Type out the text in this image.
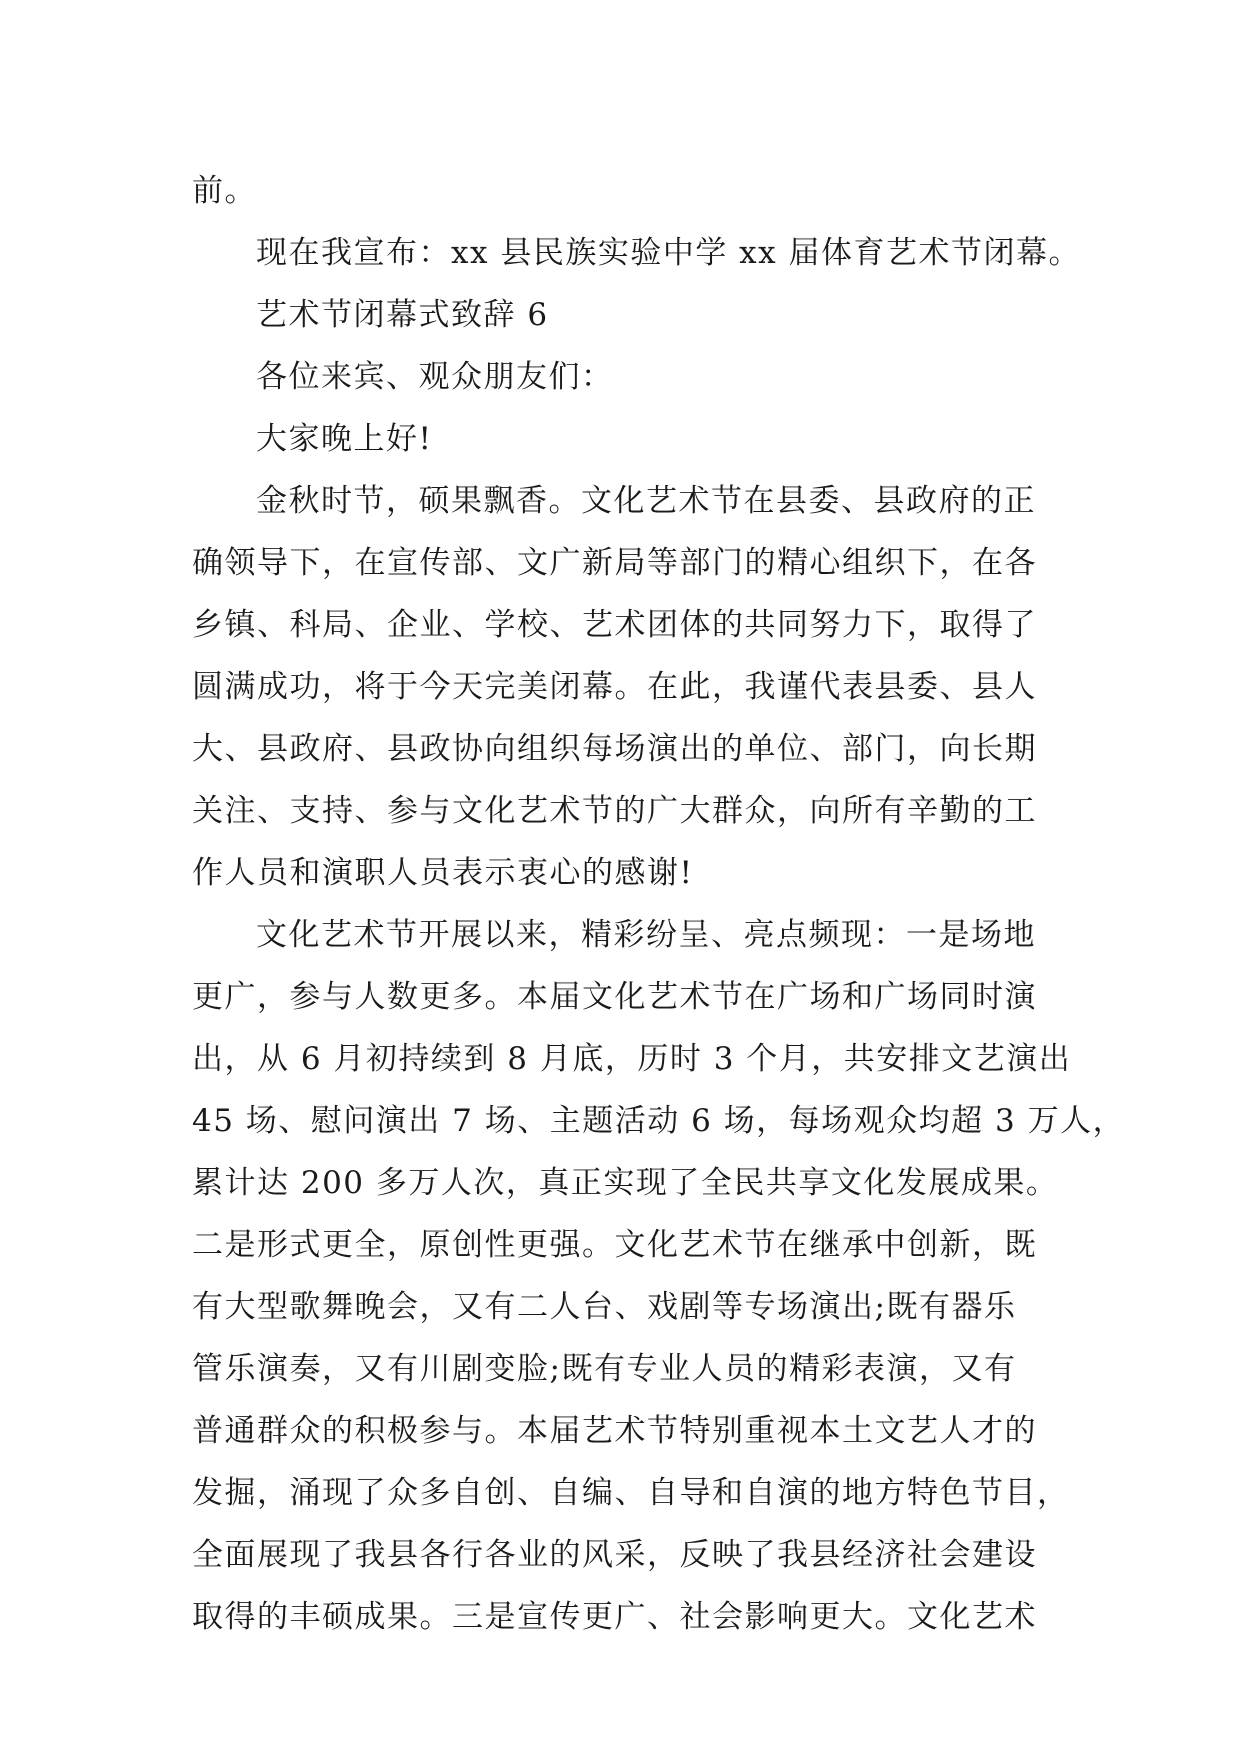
前。
现在我宣布：xx 县民族实验中学 xx 届体育艺术节闭幕。
艺术节闭幕式致辞 6
各位来宾、观众朋友们：
大家晚上好!
金秋时节，硕果飘香。文化艺术节在县委、县政府的正
确领导下，在宣传部、文广新局等部门的精心组织下，在各
乡镇、科局、企业、学校、艺术团体的共同努力下，取得了
圆满成功，将于今天完美闭幕。在此，我谨代表县委、县人
大、县政府、县政协向组织每场演出的单位、部门，向长期
关注、支持、参与文化艺术节的广大群众，向所有辛勤的工
作人员和演职人员表示衷心的感谢!
文化艺术节开展以来，精彩纷呈、亮点频现：一是场地
更广，参与人数更多。本届文化艺术节在广场和广场同时演
出，从 6 月初持续到 8 月底，历时 3 个月，共安排文艺演出
45 场、慰问演出 7 场、主题活动 6 场，每场观众均超 3 万人，
累计达 200 多万人次，真正实现了全民共享文化发展成果。
二是形式更全，原创性更强。文化艺术节在继承中创新，既
有大型歌舞晚会，又有二人台、戏剧等专场演出;既有器乐
管乐演奏，又有川剧变脸;既有专业人员的精彩表演，又有
普通群众的积极参与。本届艺术节特别重视本土文艺人才的
发掘，涌现了众多自创、自编、自导和自演的地方特色节目，
全面展现了我县各行各业的风采，反映了我县经济社会建设
取得的丰硕成果。三是宣传更广、社会影响更大。文化艺术
